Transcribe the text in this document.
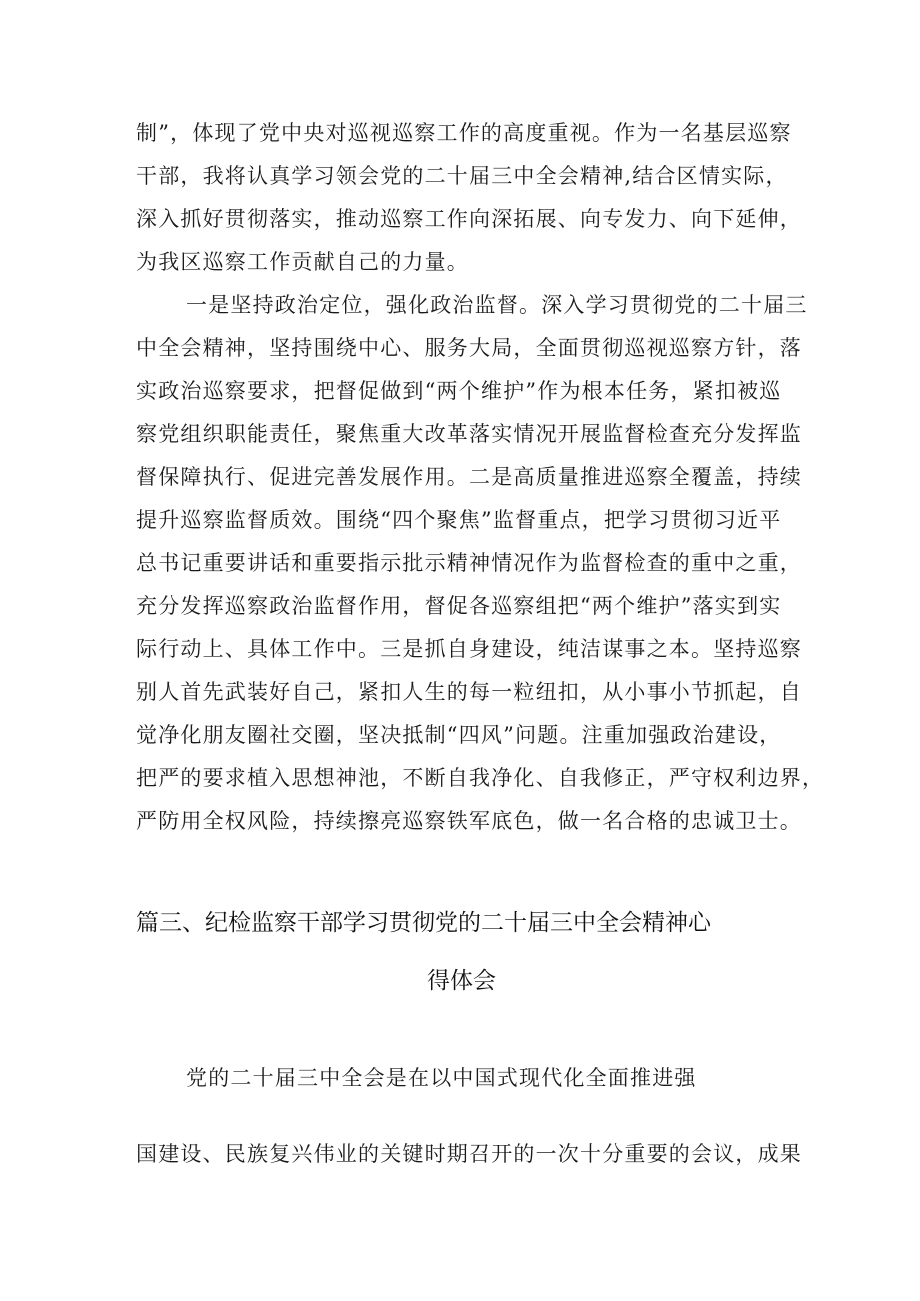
制”，体现了党中央对巡视巡察工作的高度重视。作为一名基层巡察
干部，我将认真学习领会党的二十届三中全会精神,结合区情实际，
深入抓好贯彻落实，推动巡察工作向深拓展、向专发力、向下延伸，
为我区巡察工作贡献自己的力量。
一是坚持政治定位，强化政治监督。深入学习贯彻党的二十届三
中全会精神，坚持围绕中心、服务大局，全面贯彻巡视巡察方针，落
实政治巡察要求，把督促做到“两个维护”作为根本任务，紧扣被巡
察党组织职能责任，聚焦重大改革落实情况开展监督检查充分发挥监
督保障执行、促进完善发展作用。二是高质量推进巡察全覆盖，持续
提升巡察监督质效。围绕“四个聚焦”监督重点，把学习贯彻习近平
总书记重要讲话和重要指示批示精神情况作为监督检查的重中之重，
充分发挥巡察政治监督作用，督促各巡察组把“两个维护”落实到实
际行动上、具体工作中。三是抓自身建设，纯洁谋事之本。坚持巡察
别人首先武装好自己，紧扣人生的每一粒纽扣，从小事小节抓起，自
觉净化朋友圈社交圈，坚决抵制“四风”问题。注重加强政治建设，
把严的要求植入思想神池，不断自我净化、自我修正，严守权利边界，
严防用全权风险，持续擦亮巡察铁军底色，做一名合格的忠诚卫士。
篇三、纪检监察干部学习贯彻党的二十届三中全会精神心
得体会
党的二十届三中全会是在以中国式现代化全面推进强
国建设、民族复兴伟业的关键时期召开的一次十分重要的会议，成果
